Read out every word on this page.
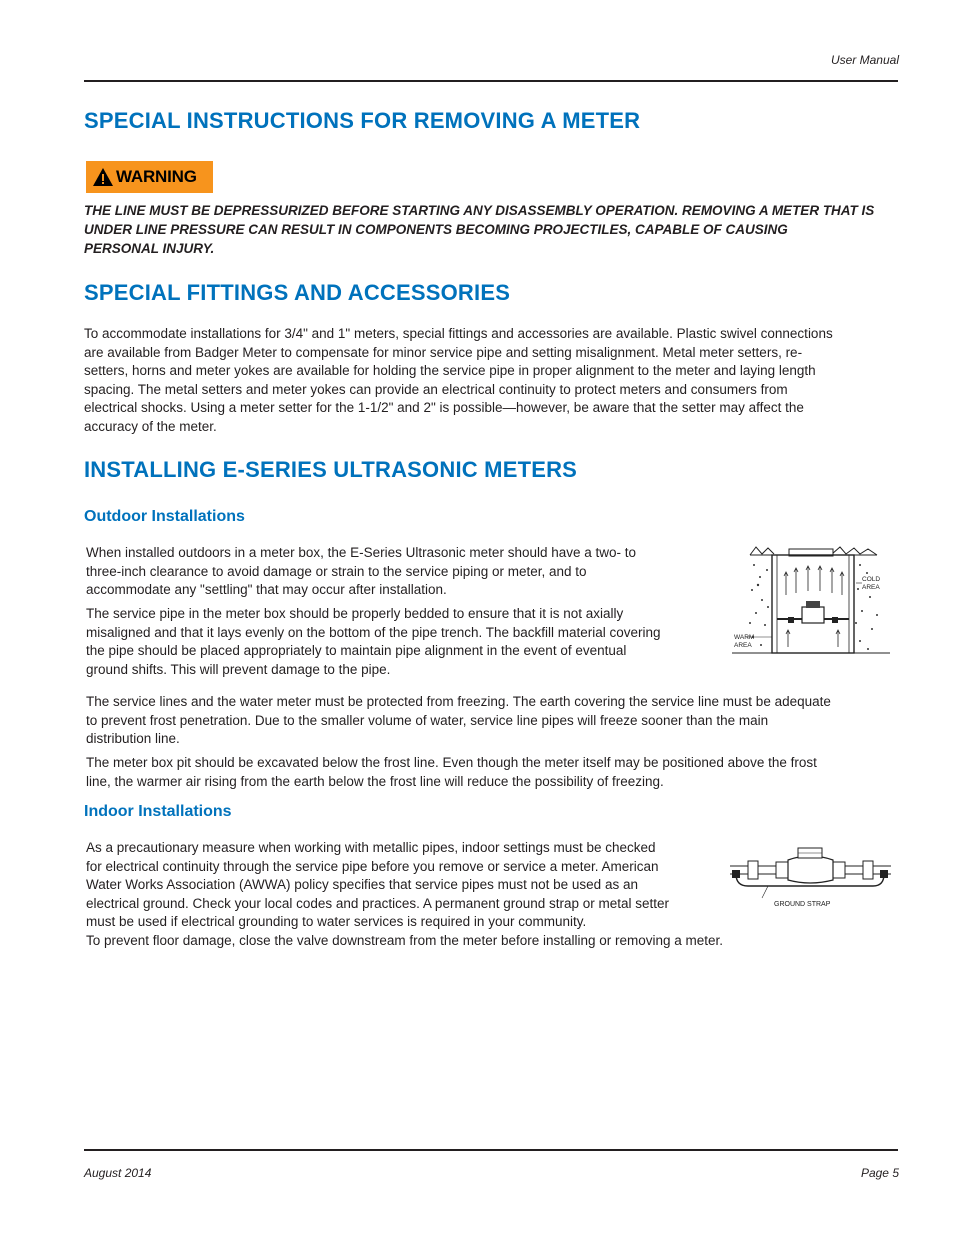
User Manual
SPECIAL INSTRUCTIONS FOR REMOVING A METER
WARNING
THE LINE MUST BE DEPRESSURIZED BEFORE STARTING ANY DISASSEMBLY OPERATION. REMOVING A METER THAT IS
UNDER LINE PRESSURE CAN RESULT IN COMPONENTS BECOMING PROJECTILES, CAPABLE OF CAUSING
PERSONAL INJURY.
SPECIAL FITTINGS AND ACCESSORIES
To accommodate installations for 3/4" and 1" meters, special fittings and accessories are available. Plastic swivel connections
are available from Badger Meter to compensate for minor service pipe and setting misalignment. Metal meter setters, re-
setters, horns and meter yokes are available for holding the service pipe in proper alignment to the meter and laying length
spacing. The metal setters and meter yokes can provide an electrical continuity to protect meters and consumers from
electrical shocks. Using a meter setter for the 1-1/2" and 2" is possible—however, be aware that the setter may affect the
accuracy of the meter.
INSTALLING E-SERIES ULTRASONIC METERS
Outdoor Installations
When installed outdoors in a meter box, the E-Series Ultrasonic meter should have a two- to
three-inch clearance to avoid damage or strain to the service piping or meter, and to
accommodate any "settling" that may occur after installation.
The service pipe in the meter box should be properly bedded to ensure that it is not axially
misaligned and that it lays evenly on the bottom of the pipe trench. The backfill material covering
the pipe should be placed appropriately to maintain pipe alignment in the event of eventual
ground shifts. This will prevent damage to the pipe.
COLD
AREA
WARM
AREA
The service lines and the water meter must be protected from freezing. The earth covering the service line must be adequate
to prevent frost penetration. Due to the smaller volume of water, service line pipes will freeze sooner than the main
distribution line.
The meter box pit should be excavated below the frost line. Even though the meter itself may be positioned above the frost
line, the warmer air rising from the earth below the frost line will reduce the possibility of freezing.
Indoor Installations
As a precautionary measure when working with metallic pipes, indoor settings must be checked
for electrical continuity through the service pipe before you remove or service a meter. American
Water Works Association (AWWA) policy specifies that service pipes must not be used as an
electrical ground. Check your local codes and practices. A permanent ground strap or metal setter
must be used if electrical grounding to water services is required in your community.
To prevent floor damage, close the valve downstream from the meter before installing or removing a meter.
GROUND STRAP
August 2014	Page 5
